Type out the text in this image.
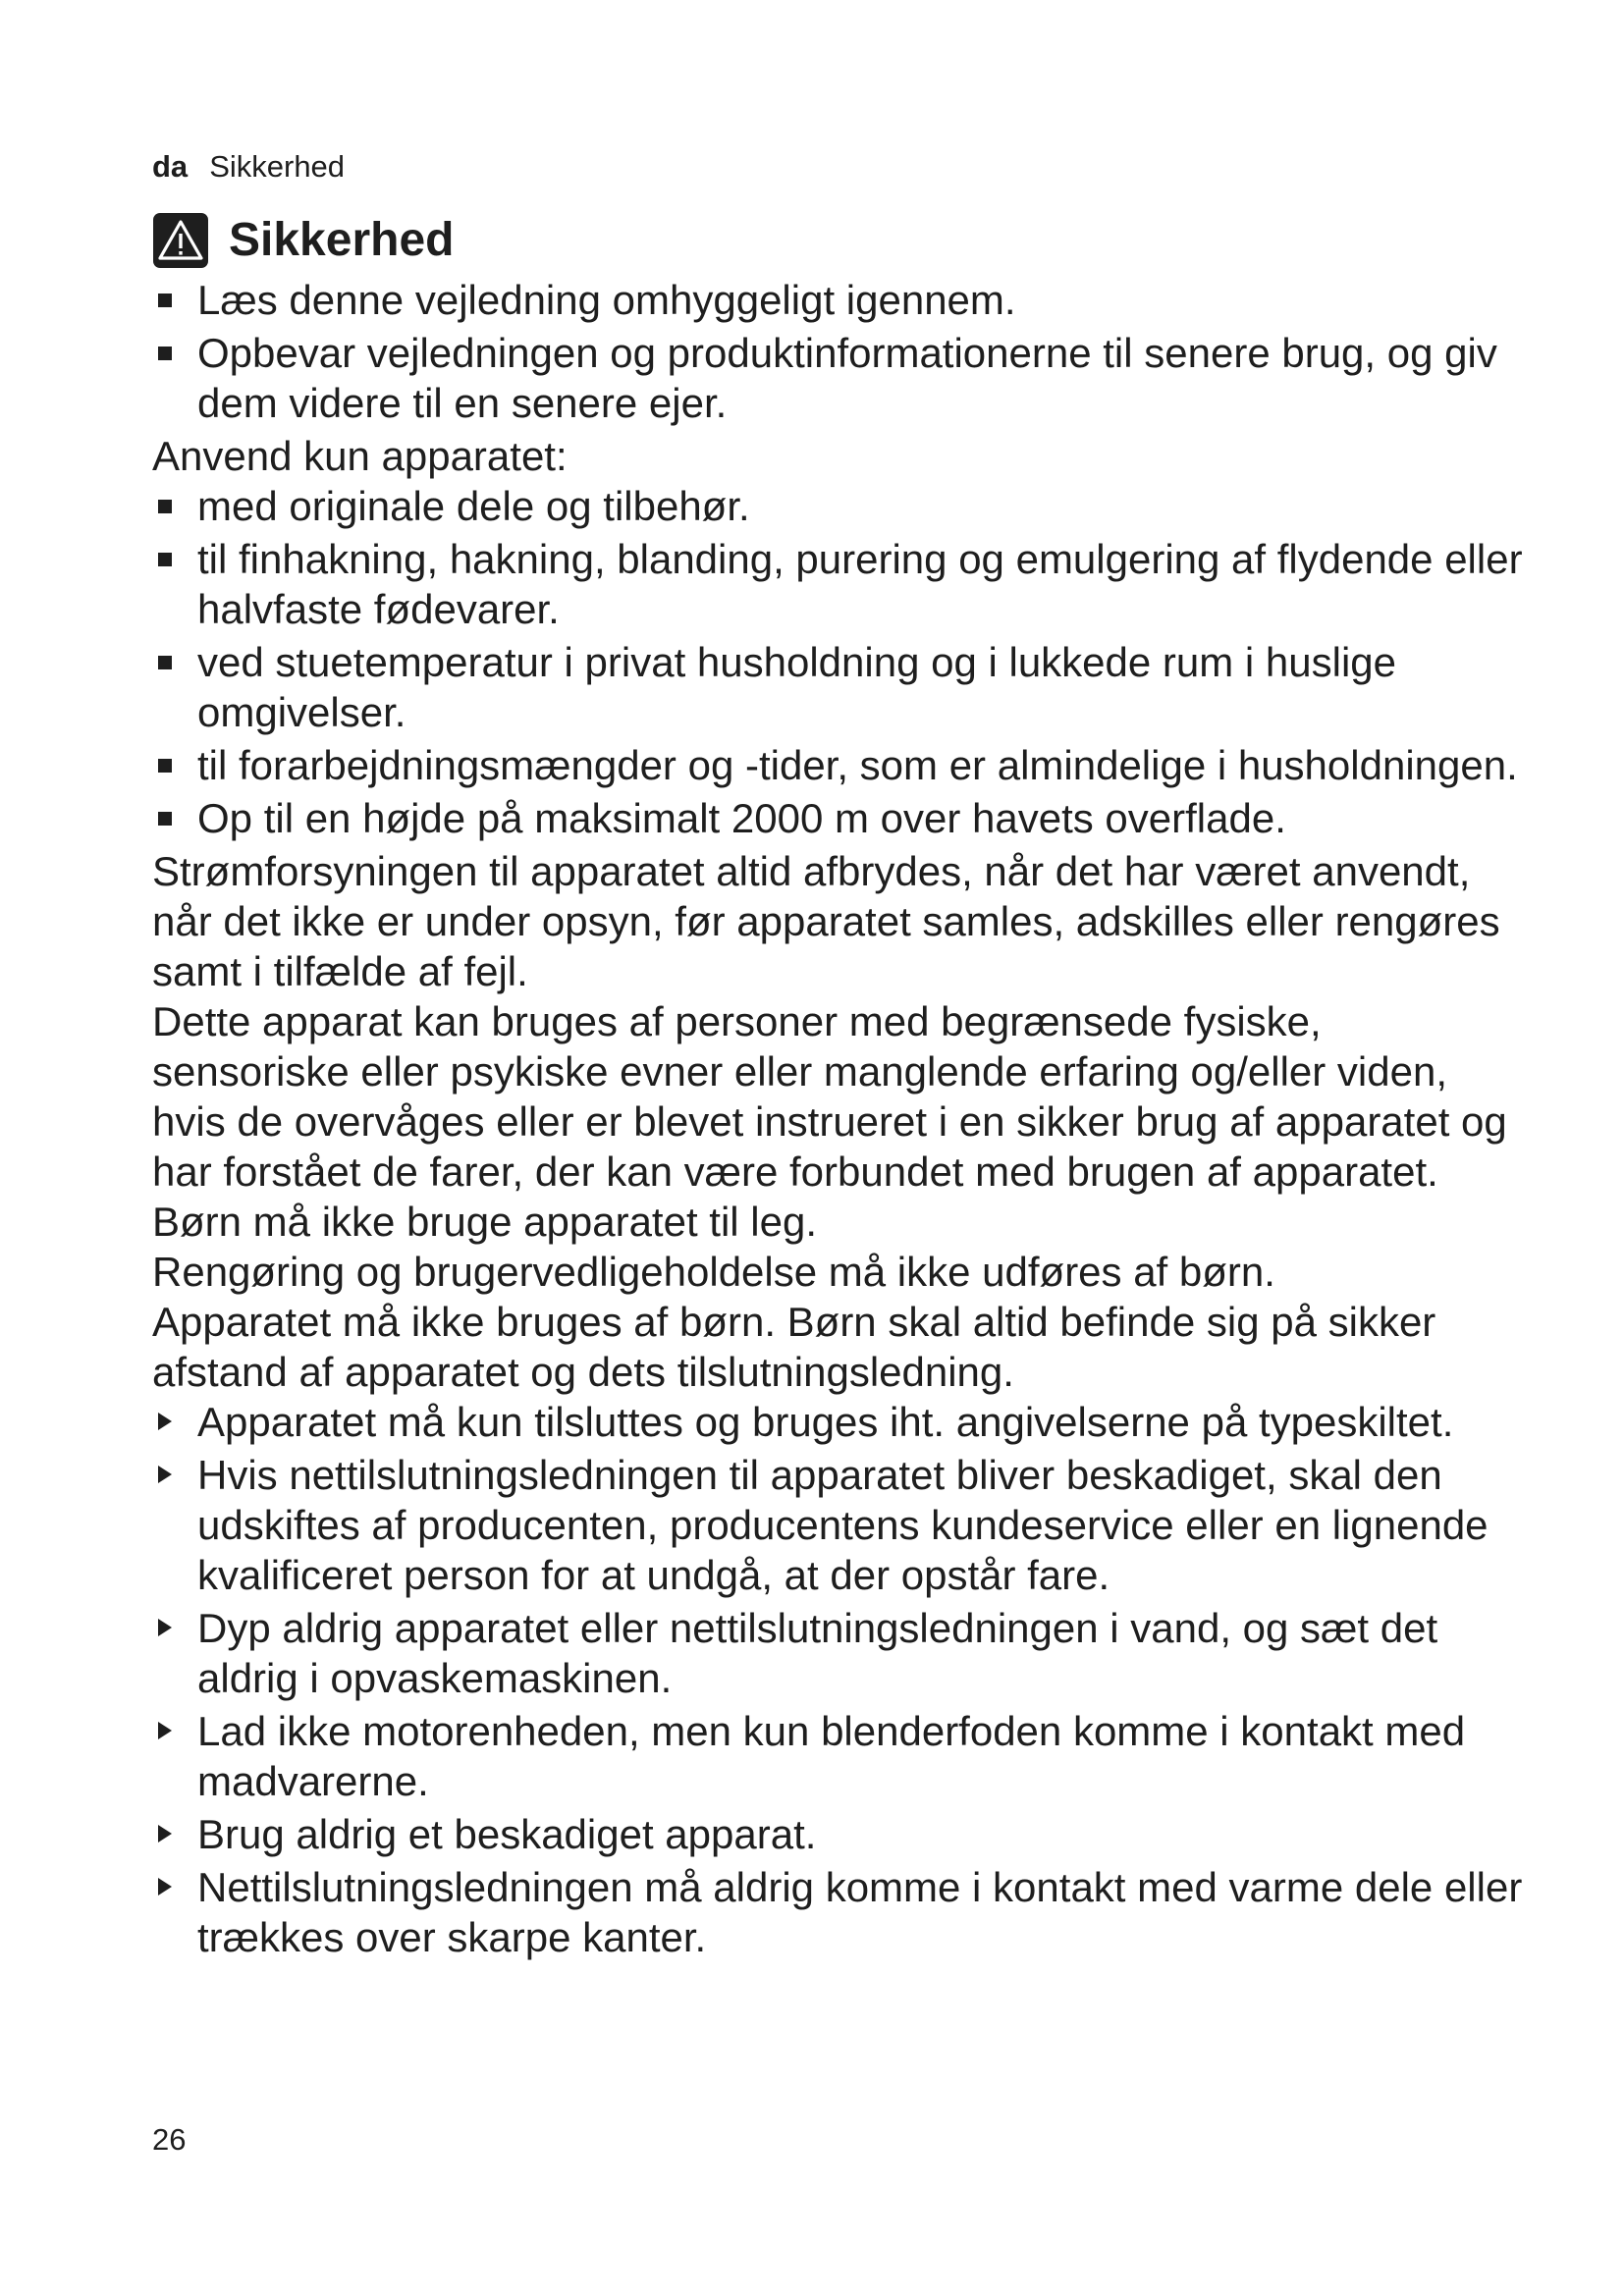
da Sikkerhed
Sikkerhed
Læs denne vejledning omhyggeligt igennem.
Opbevar vejledningen og produktinformationerne til senere brug, og giv dem videre til en senere ejer.
Anvend kun apparatet:
med originale dele og tilbehør.
til finhakning, hakning, blanding, purering og emulgering af flydende eller halvfaste fødevarer.
ved stuetemperatur i privat husholdning og i lukkede rum i huslige omgivelser.
til forarbejdningsmængder og -tider, som er almindelige i husholdningen.
Op til en højde på maksimalt 2000 m over havets overflade.
Strømforsyningen til apparatet altid afbrydes, når det har været anvendt, når det ikke er under opsyn, før apparatet samles, adskilles eller rengøres samt i tilfælde af fejl.
Dette apparat kan bruges af personer med begrænsede fysiske, sensoriske eller psykiske evner eller manglende erfaring og/eller viden, hvis de overvåges eller er blevet instrueret i en sikker brug af apparatet og har forstået de farer, der kan være forbundet med brugen af apparatet.
Børn må ikke bruge apparatet til leg.
Rengøring og brugervedligeholdelse må ikke udføres af børn.
Apparatet må ikke bruges af børn. Børn skal altid befinde sig på sikker afstand af apparatet og dets tilslutningsledning.
Apparatet må kun tilsluttes og bruges iht. angivelserne på typeskiltet.
Hvis nettilslutningsledningen til apparatet bliver beskadiget, skal den udskiftes af producenten, producentens kundeservice eller en lignende kvalificeret person for at undgå, at der opstår fare.
Dyp aldrig apparatet eller nettilslutningsledningen i vand, og sæt det aldrig i opvaskemaskinen.
Lad ikke motorenheden, men kun blenderfoden komme i kontakt med madvarerne.
Brug aldrig et beskadiget apparat.
Nettilslutningsledningen må aldrig komme i kontakt med varme dele eller trækkes over skarpe kanter.
26
